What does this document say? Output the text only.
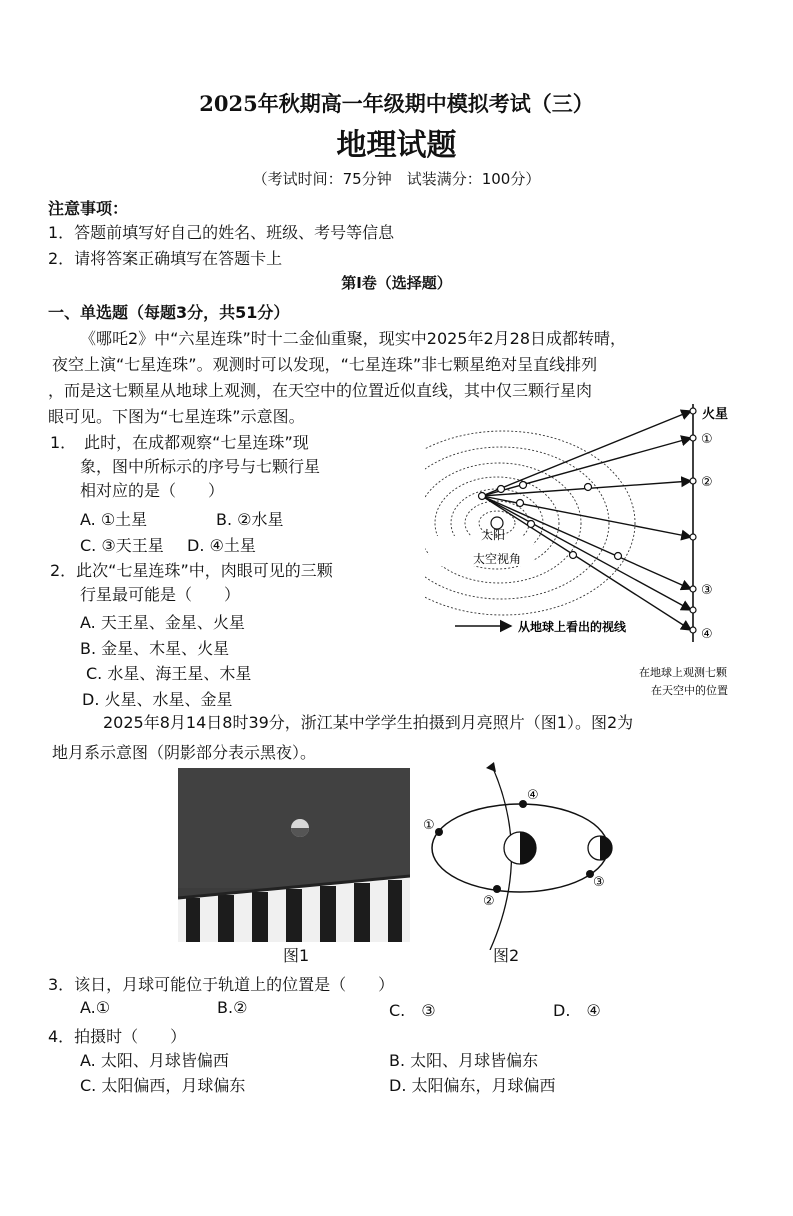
2025年秋期高一年级期中模拟考试（三）
地理试题
（考试时间：75分钟　试装满分：100分）
注意事项：
1．答题前填写好自己的姓名、班级、考号等信息
2．请将答案正确填写在答题卡上
第Ⅰ卷（选择题）
一、单选题（每题3分，共51分）
《哪吒2》中“六星连珠”时十二金仙重聚，现实中2025年2月28日成都转晴，
夜空上演“七星连珠”。观测时可以发现，“七星连珠”非七颗星绝对呈直线排列
，而是这七颗星从地球上观测，在天空中的位置近似直线，其中仅三颗行星肉
眼可见。下图为“七星连珠”示意图。
1．　此时，在成都观察“七星连珠”现
象，图中所标示的序号与七颗行星
相对应的是（　　）
A. ①土星	B. ②水星
C. ③天王星 D. ④土星
2．此次“七星连珠”中，肉眼可见的三颗
行星最可能是（　　）
A. 天王星、金星、火星
B. 金星、木星、火星
C. 水星、海王星、木星
D. 火星、水星、金星
太阳
太空视角
火星
①
②
③
④
从地球上看出的视线
在地球上观测七颗
在天空中的位置
2025年8月14日8时39分，浙江某中学学生拍摄到月亮照片（图1）。图2为
地月系示意图（阴影部分表示黑夜）。
④
①
②
③
图1	图2
3．该日，月球可能位于轨道上的位置是（　　）
A.①	B.②	C.　③	D.　④
4．拍摄时（　　）
A. 太阳、月球皆偏西	B. 太阳、月球皆偏东
C. 太阳偏西，月球偏东	D. 太阳偏东，月球偏西
